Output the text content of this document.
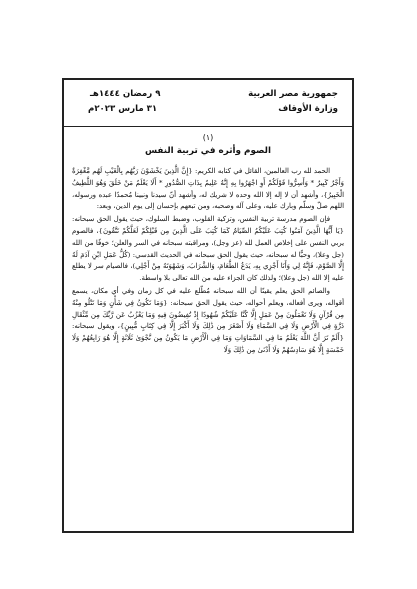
جمهورية مصر العربية
وزارة الأوقاف
٩ رمضان ١٤٤٤هـ
٣١ مارس ٢٠٢٣م
(١)
الصوم وأثره في تربية النفس

الحمد لله رب العالمين، القائل في كتابه الكريم: {إِنَّ الَّذِينَ يَخْشَوْنَ رَبَّهُم بِالْغَيْبِ لَهُم مَّغْفِرَةٌ وَأَجْرٌ كَبِيرٌ * وَأَسِرُّوا قَوْلَكُمْ أَوِ اجْهَرُوا بِهِ إِنَّهُ عَلِيمٌ بِذَاتِ الصُّدُورِ * أَلَا يَعْلَمُ مَنْ خَلَقَ وَهُوَ اللَّطِيفُ الْخَبِيرُ}، وأشهد أن لا إله إلا الله وحده لا شريك له، وأشهد أنّ سيدنا ونبينا مُحمدًا عبده ورسوله، اللهم صلّ وسلّم وبارك عليه، وعلى آله وصحبه، ومن تبعهم بإحسان إلى يوم الدين، وبعد:

فإن الصوم مدرسة تربية النفس، وتزكية القلوب، وضبط السلوك، حيث يقول الحق سبحانه: {يَا أَيُّهَا الَّذِينَ آمَنُوا كُتِبَ عَلَيْكُمُ الصِّيَامُ كَمَا كُتِبَ عَلَى الَّذِينَ مِن قَبْلِكُمْ لَعَلَّكُمْ تَتَّقُونَ}، فالصوم يربي النفس على إخلاص العمل لله (عز وجل)، ومراقبته سبحانه في السر والعلن؛ خوفًا من الله (جل وعلا)، وحبًّا له سبحانه، حيث يقول الحق سبحانه في الحديث القدسي: (كُلُّ عَمَلِ ابْنِ آدَمَ لَهُ إِلَّا الصَّوْمَ، فَإِنَّهُ لِي وَأَنَا أَجْزِي بِهِ، يَدَعُ الطَّعَامَ، وَالشَّرَابَ، وَشَهْوَتَهُ مِنْ أَجْلِي)، فالصيام سر لا يطلع عليه إلا الله (جل وعلا)؛ ولذلك كان الجزاء عليه من الله تعالى بلا واسطة.

والصائم الحق يعلم يقينًا أن الله سبحانه مُطّلع عليه في كل زمان وفي أي مكان، يسمع أقواله، ويرى أفعاله، ويعلم أحواله، حيث يقول الحق سبحانه: {وَمَا تَكُونُ فِي شَأْنٍ وَمَا تَتْلُو مِنْهُ مِن قُرْآنٍ وَلَا تَعْمَلُونَ مِنْ عَمَلٍ إِلَّا كُنَّا عَلَيْكُمْ شُهُودًا إِذْ تُفِيضُونَ فِيهِ وَمَا يَعْزُبُ عَن رَّبِّكَ مِن مِّثْقَالِ ذَرَّةٍ فِي الْأَرْضِ وَلَا فِي السَّمَاءِ وَلَا أَصْغَرَ مِن ذَٰلِكَ وَلَا أَكْبَرَ إِلَّا فِي كِتَابٍ مُّبِينٍ}، ويقول سبحانه: {أَلَمْ تَرَ أَنَّ اللَّهَ يَعْلَمُ مَا فِي السَّمَاوَاتِ وَمَا فِي الْأَرْضِ مَا يَكُونُ مِن نَّجْوَىٰ ثَلَاثَةٍ إِلَّا هُوَ رَابِعُهُمْ وَلَا خَمْسَةٍ إِلَّا هُوَ سَادِسُهُمْ وَلَا أَدْنَىٰ مِن ذَٰلِكَ وَلَا
